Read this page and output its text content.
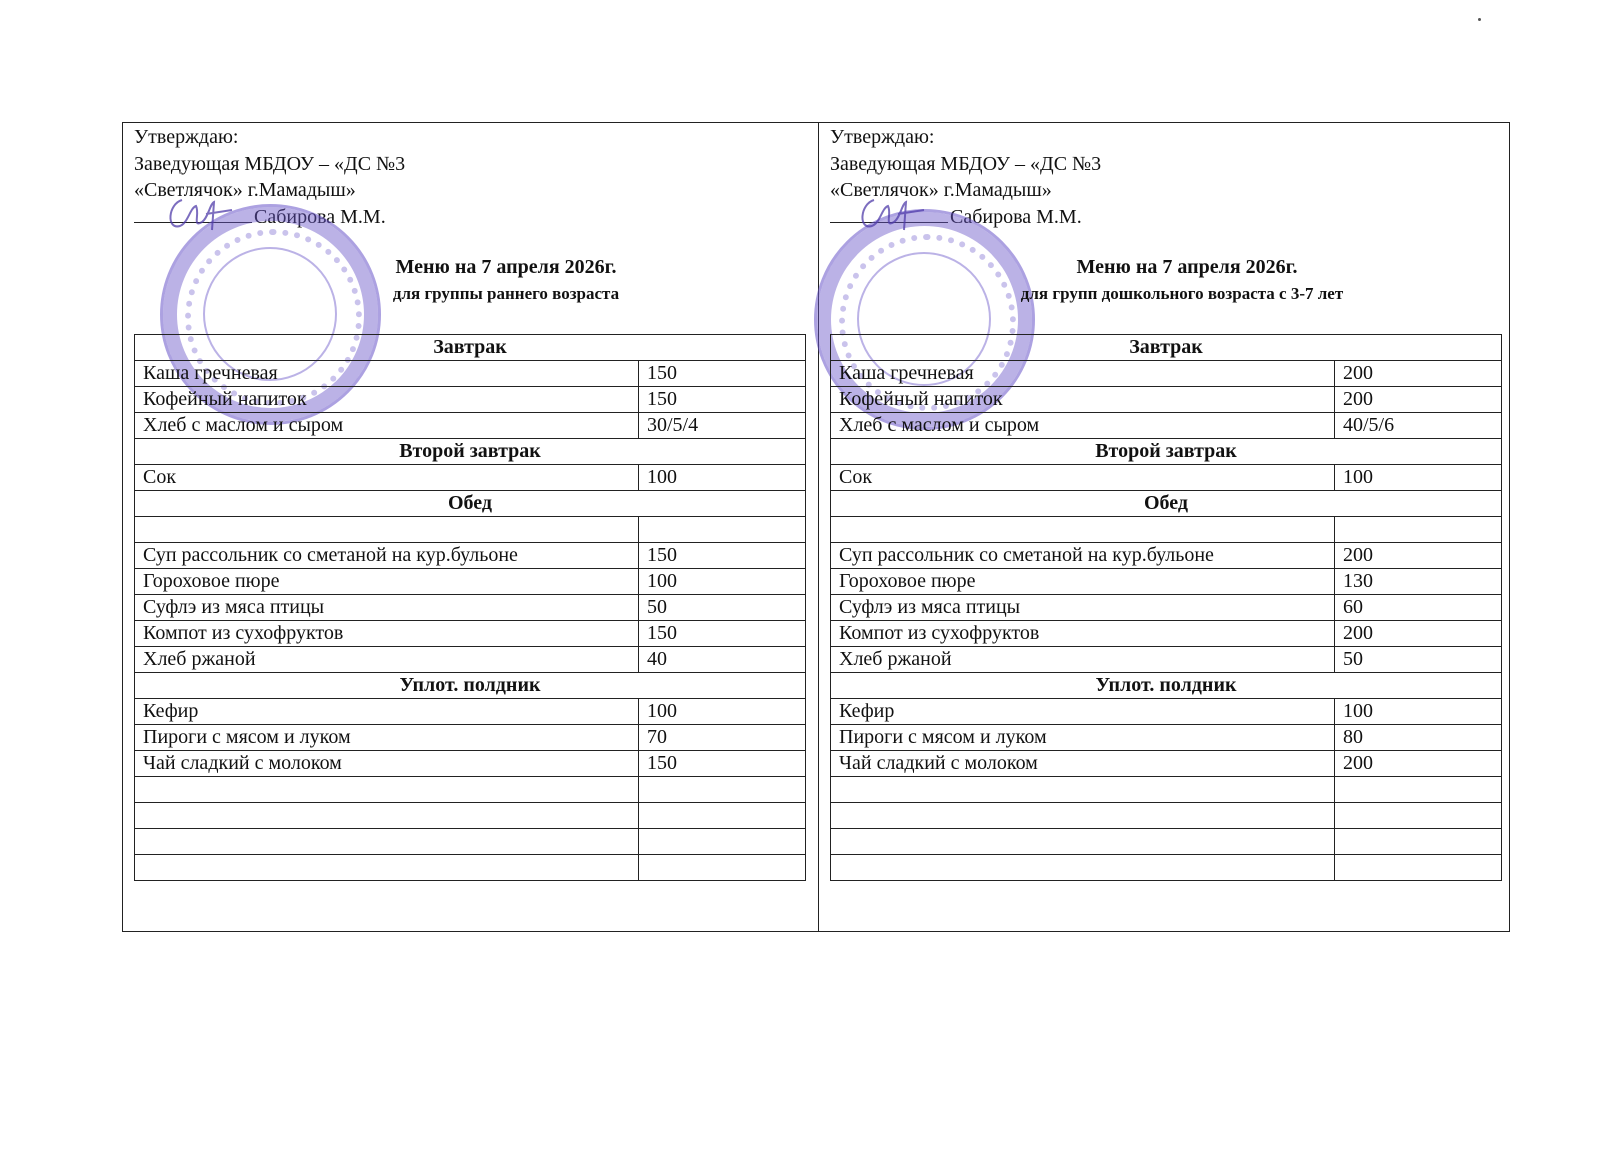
Утверждаю:
Заведующая МБДОУ – «ДС №3
«Светлячок» г.Мамадыш»
Сабирова М.М.
Меню на 7 апреля 2026г.
для группы раннего возраста
Завтрак	
Каша гречневая	150
Кофейный напиток	150
Хлеб с маслом и сыром	30/5/4
Второй завтрак	
Сок	100
Обед	

Суп рассольник со сметаной на кур.бульоне	150
Гороховое пюре	100
Суфлэ из мяса птицы	50
Компот из сухофруктов	150
Хлеб ржаной	40
Уплот. полдник	
Кефир	100
Пироги с мясом и луком	70
Чай сладкий с молоком	150

Утверждаю:
Заведующая МБДОУ – «ДС №3
«Светлячок» г.Мамадыш»
Сабирова М.М.
Меню на 7 апреля 2026г.
для групп дошкольного возраста с 3-7 лет
Завтрак	
Каша гречневая	200
Кофейный напиток	200
Хлеб с маслом и сыром	40/5/6
Второй завтрак	
Сок	100
Обед	

Суп рассольник со сметаной на кур.бульоне	200
Гороховое пюре	130
Суфлэ из мяса птицы	60
Компот из сухофруктов	200
Хлеб ржаной	50
Уплот. полдник	
Кефир	100
Пироги с мясом и луком	80
Чай сладкий с молоком	200
